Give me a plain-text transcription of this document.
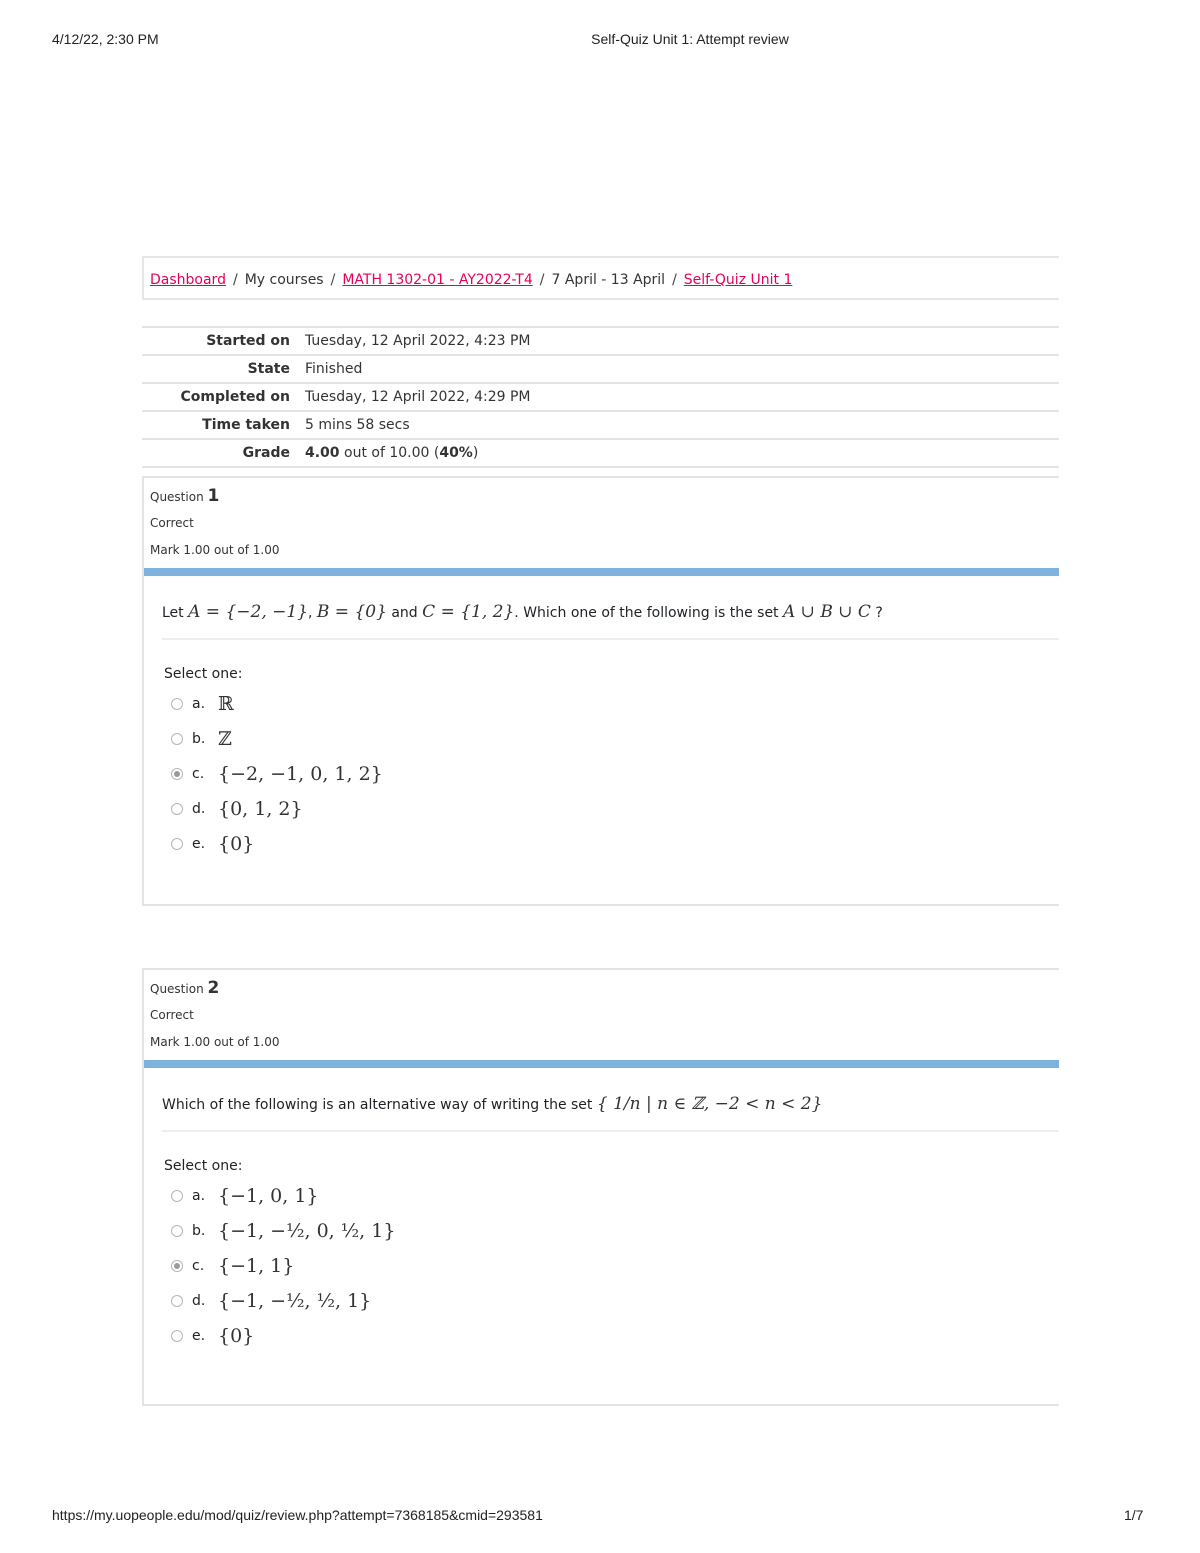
4/12/22, 2:30 PM	Self-Quiz Unit 1: Attempt review
Dashboard / My courses / MATH 1302-01 - AY2022-T4 / 7 April - 13 April / Self-Quiz Unit 1
Started on	Tuesday, 12 April 2022, 4:23 PM
State	Finished
Completed on	Tuesday, 12 April 2022, 4:29 PM
Time taken	5 mins 58 secs
Grade	4.00 out of 10.00 (40%)
Question 1
Correct
Mark 1.00 out of 1.00
Let A = {−2, −1}, B = {0} and C = {1, 2}. Which one of the following is the set A ∪ B ∪ C ?
Select one:
a. ℝ
b. ℤ
c. {−2, −1, 0, 1, 2}
d. {0, 1, 2}
e. {0}
Question 2
Correct
Mark 1.00 out of 1.00
Which of the following is an alternative way of writing the set { 1/n | n ∈ ℤ, −2 < n < 2}
Select one:
a. {−1, 0, 1}
b. {−1, −½, 0, ½, 1}
c. {−1, 1}
d. {−1, −½, ½, 1}
e. {0}
https://my.uopeople.edu/mod/quiz/review.php?attempt=7368185&cmid=293581	1/7
